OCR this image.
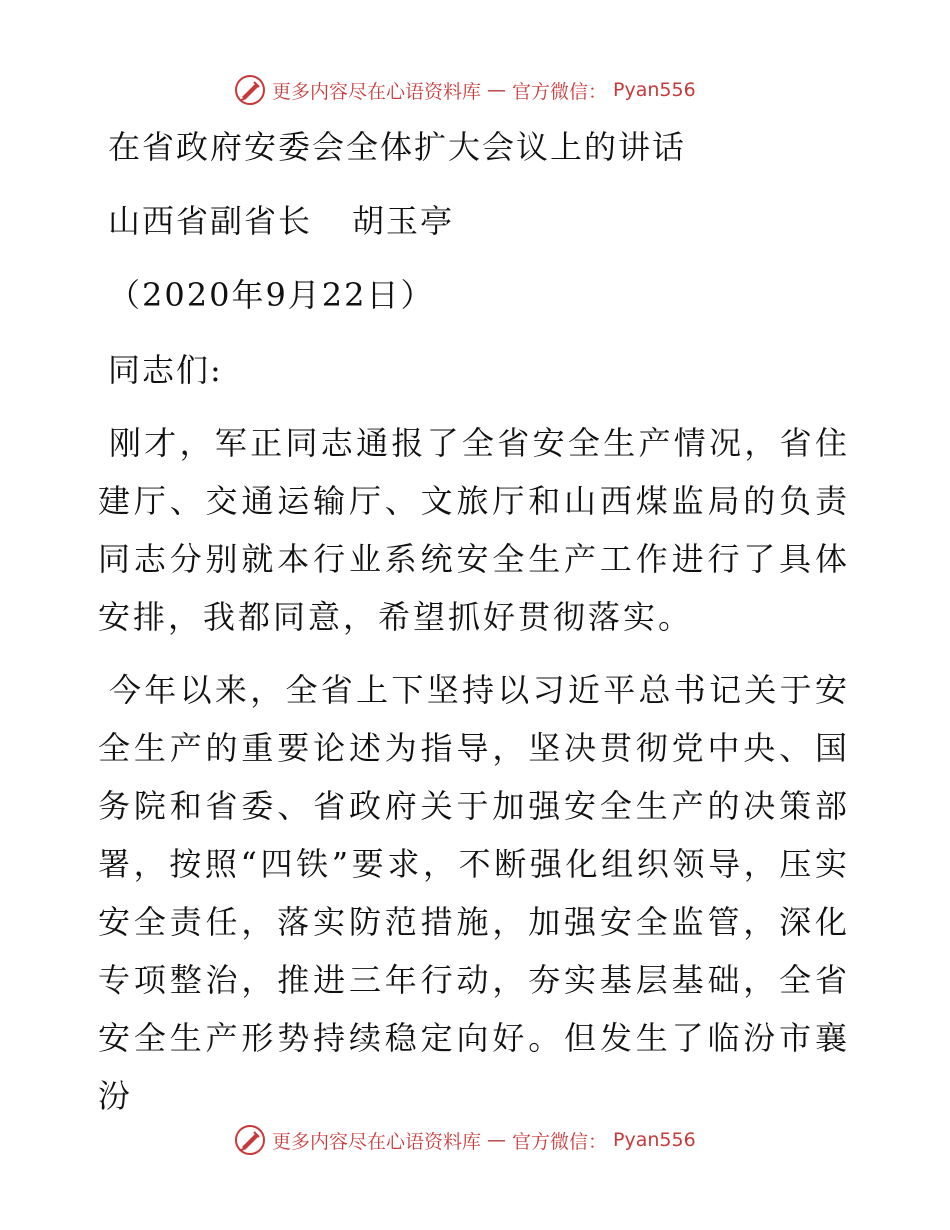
更多内容尽在心语资料库 — 官方微信： Pyan556
在省政府安委会全体扩大会议上的讲话
山西省副省长 胡玉亭
（2020年9月22日）
同志们:

刚才，军正同志通报了全省安全生产情况，省住建厅、交通运输厅、文旅厅和山西煤监局的负责同志分别就本行业系统安全生产工作进行了具体安排，我都同意，希望抓好贯彻落实。

今年以来，全省上下坚持以习近平总书记关于安全生产的重要论述为指导，坚决贯彻党中央、国务院和省委、省政府关于加强安全生产的决策部署，按照“四铁”要求，不断强化组织领导，压实安全责任，落实防范措施，加强安全监管，深化专项整治，推进三年行动，夯实基层基础，全省安全生产形势持续稳定向好。但发生了临汾市襄汾

更多内容尽在心语资料库 — 官方微信： Pyan556
